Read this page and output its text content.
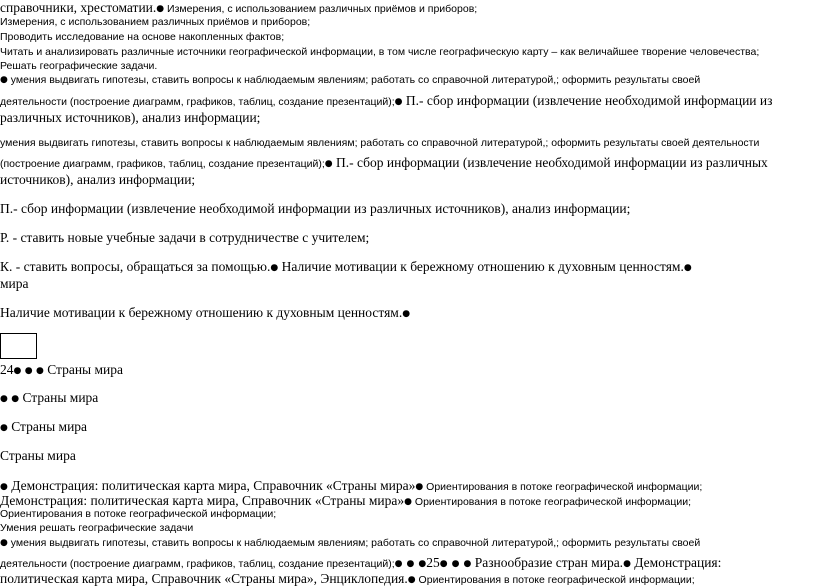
справочники, хрестоматии.● Измерения, с использованием различных приёмов и приборов;
Измерения, с использованием различных приёмов и приборов;
Проводить исследование на основе накопленных фактов;
Читать и анализировать различные источники географической информации, в том числе географическую карту – как величайшее творение человечества;
Решать географические задачи.
● умения выдвигать гипотезы, ставить вопросы к наблюдаемым явлениям; работать со справочной литературой,; оформить результаты своей
деятельности (построение диаграмм, графиков, таблиц, создание презентаций);● П.- сбор информации (извлечение необходимой информации из
различных источников), анализ информации;
умения выдвигать гипотезы, ставить вопросы к наблюдаемым явлениям; работать со справочной литературой,; оформить результаты своей деятельности
(построение диаграмм, графиков, таблиц, создание презентаций);● П.- сбор информации (извлечение необходимой информации из различных
источников), анализ информации;
П.- сбор информации (извлечение необходимой информации из различных источников), анализ информации;
Р. - ставить новые учебные задачи в сотрудничестве с учителем;
К. - ставить вопросы, обращаться за помощью.● Наличие мотивации к бережному отношению к духовным ценностям.●
мира
Наличие мотивации к бережному отношению к духовным ценностям.●
24● ● ● Страны мира
● ● Страны мира
● Страны мира
Страны мира
● Демонстрация: политическая карта мира, Справочник «Страны мира»● Ориентирования в потоке географической информации;
Демонстрация: политическая карта мира, Справочник «Страны мира»● Ориентирования в потоке географической информации;
Ориентирования в потоке географической информации;
Умения решать географические задачи
● умения выдвигать гипотезы, ставить вопросы к наблюдаемым явлениям; работать со справочной литературой,; оформить результаты своей
деятельности (построение диаграмм, графиков, таблиц, создание презентаций);● ● ●25● ● ● Разнообразие стран мира.● Демонстрация:
политическая карта мира, Справочник «Страны мира», Энциклопедия.● Ориентирования в потоке географической информации;
